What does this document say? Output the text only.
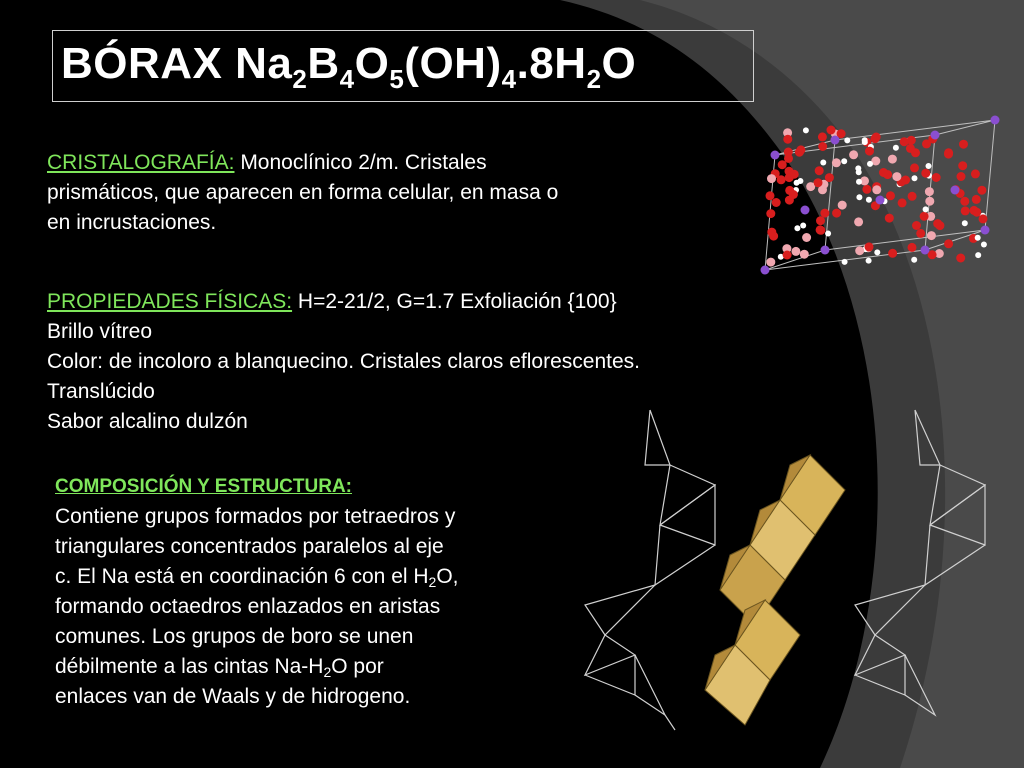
BÓRAX $Na_2B_4O_5(OH)_4.8H_2O$
CRISTALOGRAFÍA: Monoclínico 2/m. Cristales
prismáticos, que aparecen en forma celular, en masa o
en incrustaciones.
PROPIEDADES FÍSICAS: H=2-21/2, G=1.7 Exfoliación {100}
Brillo vítreo
Color: de incoloro a blanquecino. Cristales claros eflorescentes.
Translúcido
Sabor alcalino dulzón
COMPOSICIÓN Y ESTRUCTURA:
Contiene grupos formados por tetraedros y
triangulares concentrados paralelos al eje
c. El Na está en coordinación 6 con el $H_2O$,
formando octaedros enlazados en aristas
comunes. Los grupos de boro se unen
débilmente a las cintas $Na-H_2O$ por
enlaces van de Waals y de hidrogeno.
